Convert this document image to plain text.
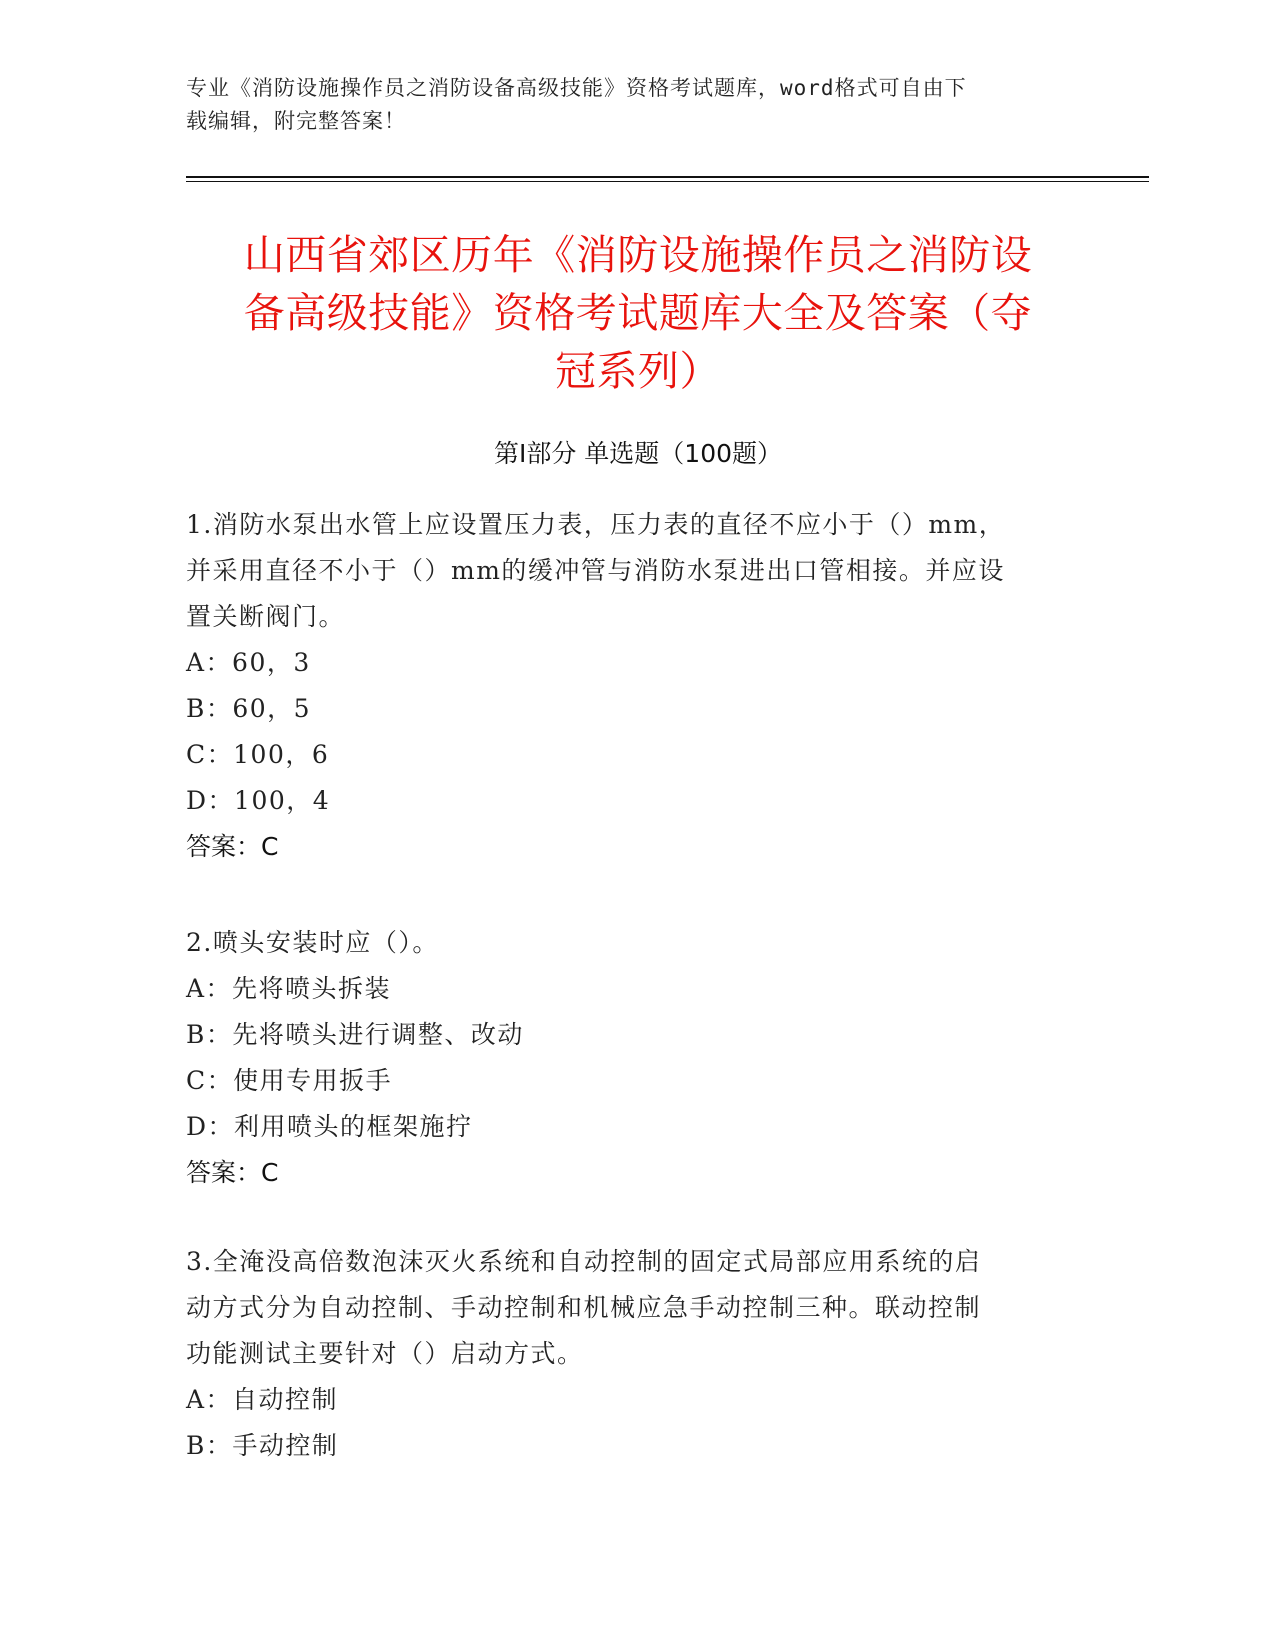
专业《消防设施操作员之消防设备高级技能》资格考试题库，word格式可自由下
载编辑，附完整答案！
山西省郊区历年《消防设施操作员之消防设
备高级技能》资格考试题库大全及答案（夺
冠系列）
第Ⅰ部分 单选题（100题）
1.消防水泵出水管上应设置压力表，压力表的直径不应小于（）mm，
并采用直径不小于（）mm的缓冲管与消防水泵进出口管相接。并应设
置关断阀门。
A：60，3
B：60，5
C：100，6
D：100，4
答案：C
2.喷头安装时应（）。
A：先将喷头拆装
B：先将喷头进行调整、改动
C：使用专用扳手
D：利用喷头的框架施拧
答案：C
3.全淹没高倍数泡沫灭火系统和自动控制的固定式局部应用系统的启
动方式分为自动控制、手动控制和机械应急手动控制三种。联动控制
功能测试主要针对（）启动方式。
A：自动控制
B：手动控制
